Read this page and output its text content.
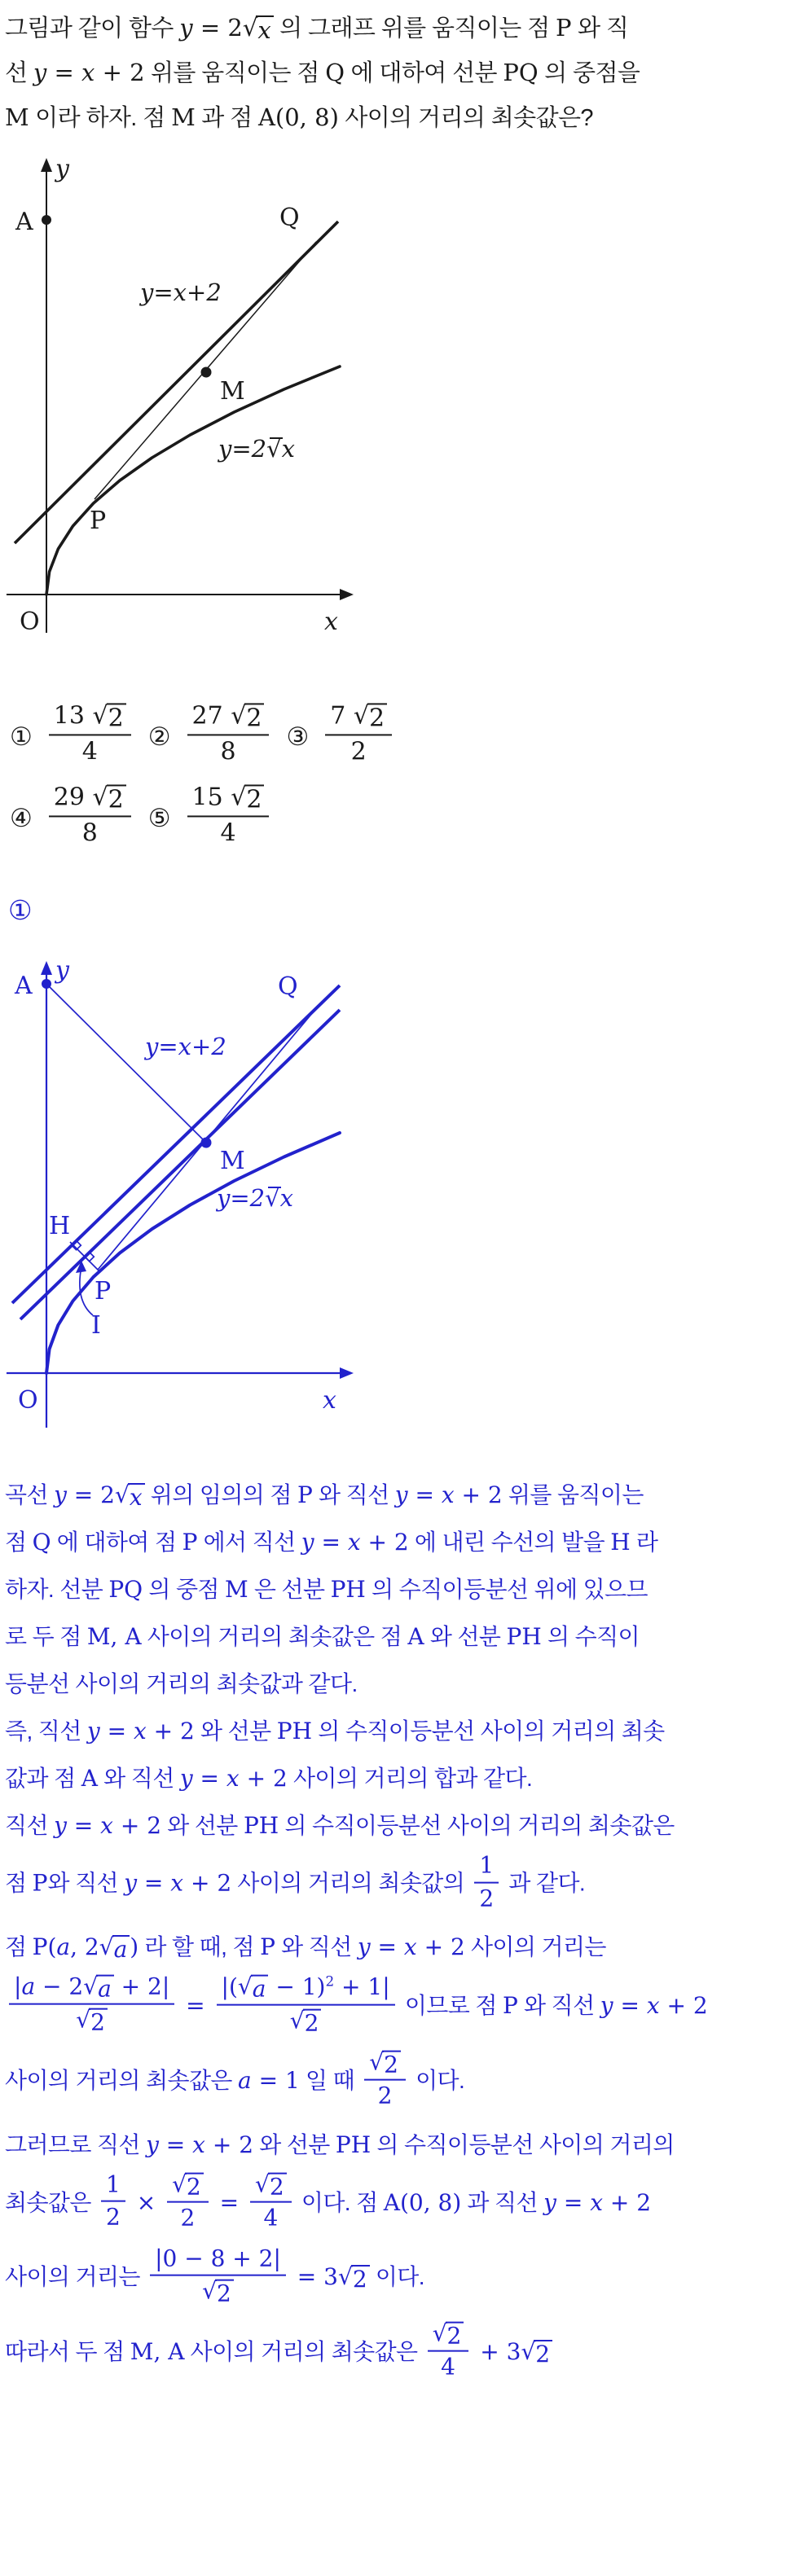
그림과 같이 함수 y = 2 √ x 의 그래프 위를 움직이는 점 P 와 직
선 y = x + 2 위를 움직이는 점 Q 에 대하여 선분 PQ 의 중점을
M 이라 하자. 점 M 과 점 A(0, 8) 사이의 거리의 최솟값은?
y
x
O
A	Q
M
P
y=x+2
y=2√x
① $\frac{13 √ 2}{4}$ ② $\frac{27 √ 2}{8}$ ③ $\frac{7 √ 2}{2}$
④ $\frac{29 √ 2}{8}$ ⑤ $\frac{15 √ 2}{4}$
①
y
x
O
A	Q
M
H
P
I
y=x+2
y=2√x
곡선 y = 2 √ x 위의 임의의 점 P 와 직선 y = x + 2 위를 움직이는
점 Q 에 대하여 점 P 에서 직선 y = x + 2 에 내린 수선의 발을 H 라
하자. 선분 PQ 의 중점 M 은 선분 PH 의 수직이등분선 위에 있으므
로 두 점 M, A 사이의 거리의 최솟값은 점 A 와 선분 PH 의 수직이
등분선 사이의 거리의 최솟값과 같다.
즉, 직선 y = x + 2 와 선분 PH 의 수직이등분선 사이의 거리의 최솟
값과 점 A 와 직선 y = x + 2 사이의 거리의 합과 같다.
직선 y = x + 2 와 선분 PH 의 수직이등분선 사이의 거리의 최솟값은
점 P와 직선 y = x + 2 사이의 거리의 최솟값의 $\frac{1}{2}$ 과 같다.
점 P(a, 2 √ a ) 라 할 때, 점 P 와 직선 y = x + 2 사이의 거리는
$\frac{|a - 2 √ a + 2|}{√ 2} = \frac{|( √ a - 1)^2 + 1|}{√ 2}$ 이므로 점 P 와 직선 y = x + 2
사이의 거리의 최솟값은 a = 1 일 때 $\frac{√ 2}{2}$ 이다.
그러므로 직선 y = x + 2 와 선분 PH 의 수직이등분선 사이의 거리의
최솟값은 $\frac{1}{2} \times \frac{√ 2}{2} = \frac{√ 2}{4}$ 이다. 점 A(0, 8) 과 직선 y = x + 2
사이의 거리는 $\frac{|0 - 8 + 2|}{√ 2} = 3$ √ 2 이다.
따라서 두 점 M, A 사이의 거리의 최솟값은 $\frac{√ 2}{4} + 3$ √ 2
